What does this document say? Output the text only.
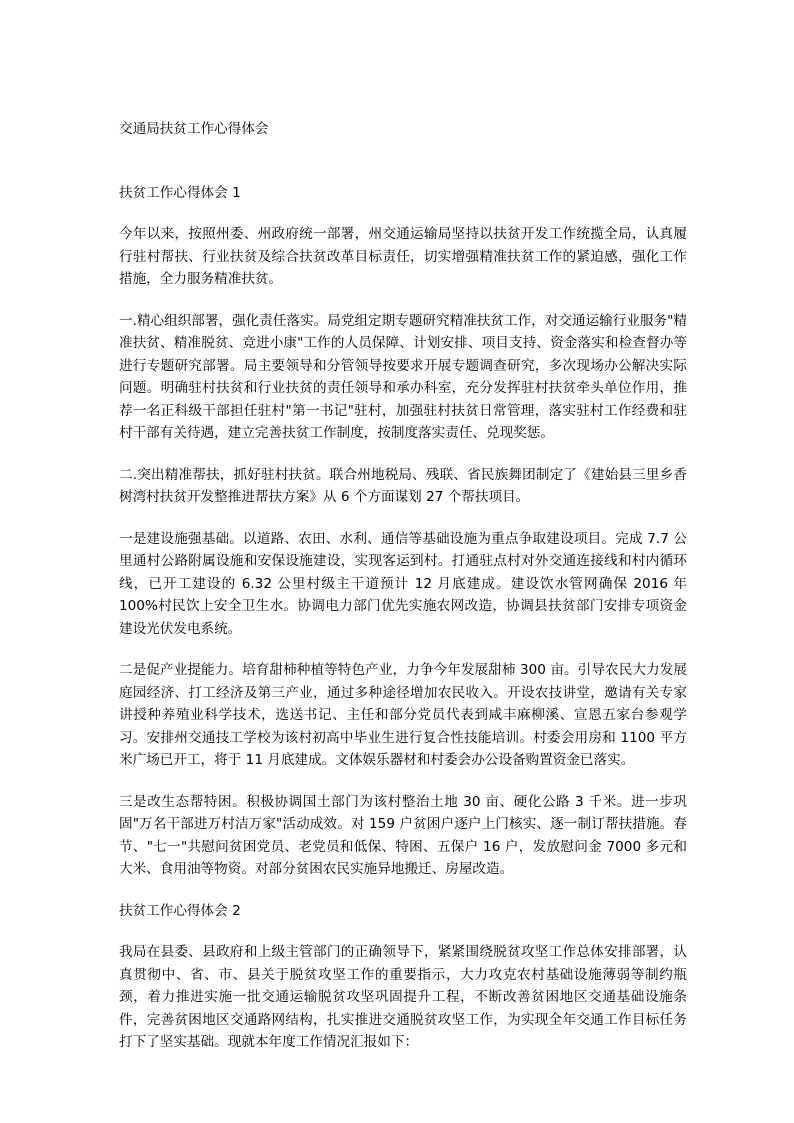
交通局扶贫工作心得体会
扶贫工作心得体会 1

今年以来，按照州委、州政府统一部署，州交通运输局坚持以扶贫开发工作统揽全局，认真履行驻村帮扶、行业扶贫及综合扶贫改革目标责任，切实增强精准扶贫工作的紧迫感，强化工作措施，全力服务精准扶贫。

一.精心组织部署，强化责任落实。局党组定期专题研究精准扶贫工作，对交通运输行业服务"精准扶贫、精准脱贫、竞进小康"工作的人员保障、计划安排、项目支持、资金落实和检查督办等进行专题研究部署。局主要领导和分管领导按要求开展专题调查研究，多次现场办公解决实际问题。明确驻村扶贫和行业扶贫的责任领导和承办科室，充分发挥驻村扶贫牵头单位作用，推荐一名正科级干部担任驻村"第一书记"驻村，加强驻村扶贫日常管理，落实驻村工作经费和驻村干部有关待遇，建立完善扶贫工作制度，按制度落实责任、兑现奖惩。

二.突出精准帮扶，抓好驻村扶贫。联合州地税局、残联、省民族舞团制定了《建始县三里乡香树湾村扶贫开发整推进帮扶方案》从 6 个方面谋划 27 个帮扶项目。

一是建设施强基础。以道路、农田、水利、通信等基础设施为重点争取建设项目。完成 7.7 公里通村公路附属设施和安保设施建设，实现客运到村。打通驻点村对外交通连接线和村内循环线，已开工建设的 6.32 公里村级主干道预计 12 月底建成。建设饮水管网确保 2016 年 100%村民饮上安全卫生水。协调电力部门优先实施农网改造，协调县扶贫部门安排专项资金建设光伏发电系统。

二是促产业提能力。培育甜柿种植等特色产业，力争今年发展甜柿 300 亩。引导农民大力发展庭园经济、打工经济及第三产业，通过多种途径增加农民收入。开设农技讲堂，邀请有关专家讲授种养殖业科学技术，选送书记、主任和部分党员代表到咸丰麻柳溪、宣恩五家台参观学习。安排州交通技工学校为该村初高中毕业生进行复合性技能培训。村委会用房和 1100 平方米广场已开工，将于 11 月底建成。文体娱乐器材和村委会办公设备购置资金已落实。

三是改生态帮特困。积极协调国土部门为该村整治土地 30 亩、硬化公路 3 千米。进一步巩固"万名干部进万村洁万家"活动成效。对 159 户贫困户逐户上门核实、逐一制订帮扶措施。春节、"七一"共慰问贫困党员、老党员和低保、特困、五保户 16 户，发放慰问金 7000 多元和大米、食用油等物资。对部分贫困农民实施异地搬迁、房屋改造。

扶贫工作心得体会 2

我局在县委、县政府和上级主管部门的正确领导下，紧紧围绕脱贫攻坚工作总体安排部署，认真贯彻中、省、市、县关于脱贫攻坚工作的重要指示，大力攻克农村基础设施薄弱等制约瓶颈，着力推进实施一批交通运输脱贫攻坚巩固提升工程，不断改善贫困地区交通基础设施条件，完善贫困地区交通路网结构，扎实推进交通脱贫攻坚工作，为实现全年交通工作目标任务打下了坚实基础。现就本年度工作情况汇报如下：
